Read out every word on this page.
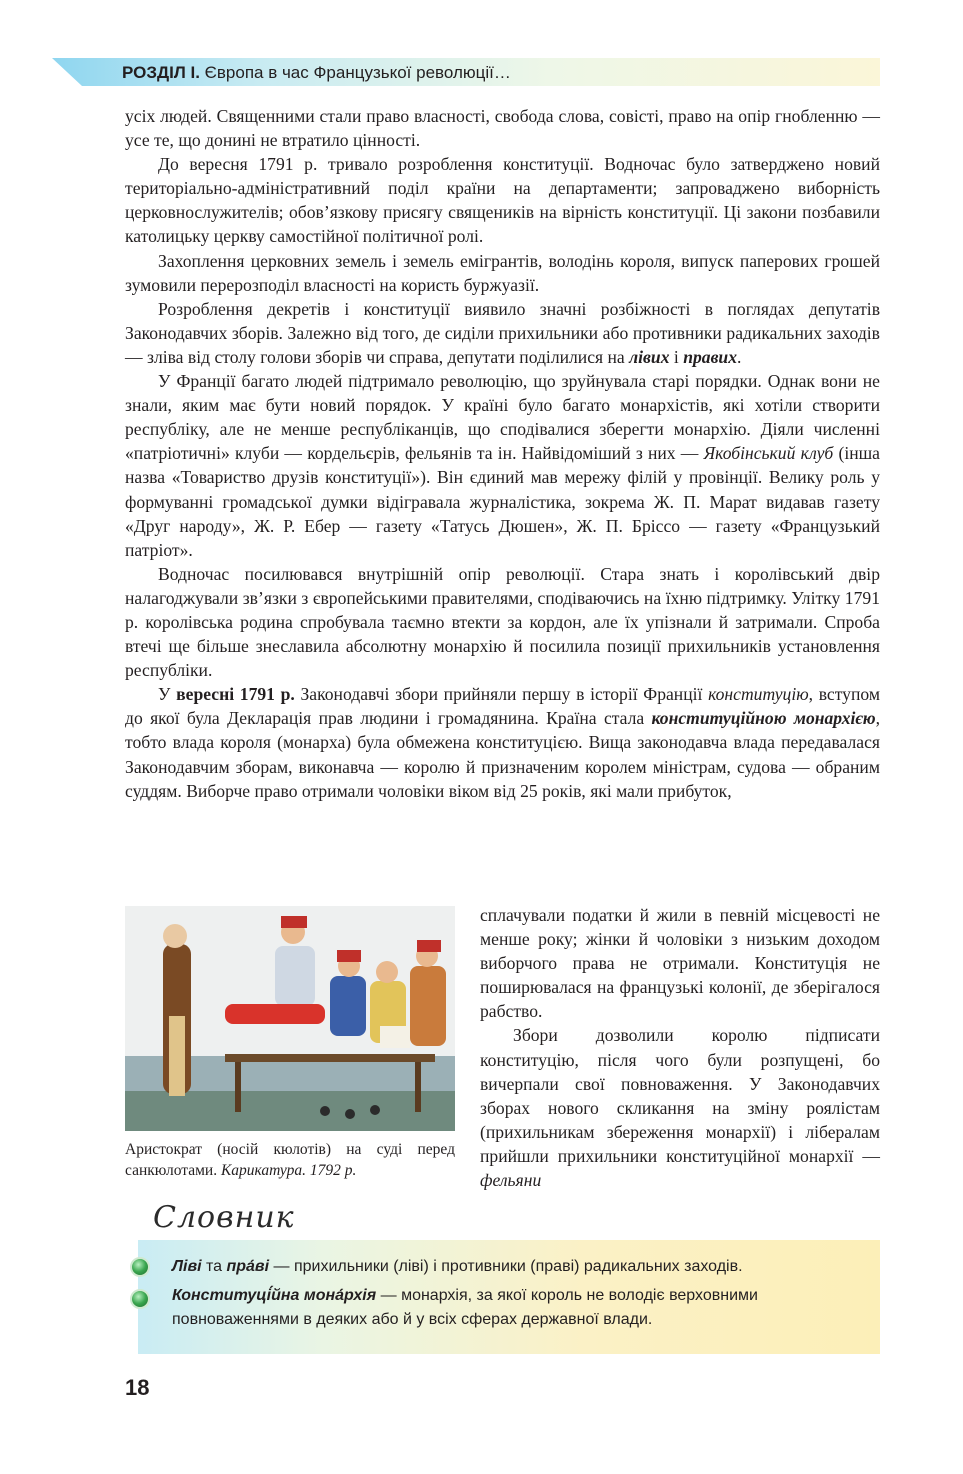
РОЗДІЛ І. Європа в час Французької революції…

усіх людей. Священними стали право власності, свобода слова, совісті, право на опір гнобленню — усе те, що донині не втратило цінності.

До вересня 1791 р. тривало розроблення конституції. Водночас було затверджено новий територіально-адміністративний поділ країни на департаменти; запроваджено виборність церковнослужителів; обов’язкову присягу священиків на вірність конституції. Ці закони позбавили католицьку церкву самостійної політичної ролі.

Захоплення церковних земель і земель емігрантів, володінь короля, випуск паперових грошей зумовили перерозподіл власності на користь буржуазії.

Розроблення декретів і конституції виявило значні розбіжності в поглядах депутатів Законодавчих зборів. Залежно від того, де сиділи прихильники або противники радикальних заходів — зліва від столу голови зборів чи справа, депутати поділилися на лівих і правих.

У Франції багато людей підтримало революцію, що зруйнувала старі порядки. Однак вони не знали, яким має бути новий порядок. У країні було багато монархістів, які хотіли створити республіку, але не менше республіканців, що сподівалися зберегти монархію. Діяли численні «патріотичні» клуби — кордельєрів, фельянів та ін. Найвідоміший з них — Якобінський клуб (інша назва «Товариство друзів конституції»). Він єдиний мав мережу філій у провінції. Велику роль у формуванні громадської думки відігравала журналістика, зокрема Ж. П. Марат видавав газету «Друг народу», Ж. Р. Ебер — газету «Татусь Дюшен», Ж. П. Бріссо — газету «Французький патріот».

Водночас посилювався внутрішній опір революції. Стара знать і королівський двір налагоджували зв’язки з європейськими правителями, сподіваючись на їхню підтримку. Улітку 1791 р. королівська родина спробувала таємно втекти за кордон, але їх упізнали й затримали. Спроба втечі ще більше знеславила абсолютну монархію й посилила позиції прихильників установлення республіки.

У вересні 1791 р. Законодавчі збори прийняли першу в історії Франції конституцію, вступом до якої була Декларація прав людини і громадянина. Країна стала конституційною монархією, тобто влада короля (монарха) була обмежена конституцією. Вища законодавча влада передавалася Законодавчим зборам, виконавча — королю й призначеним королем міністрам, судова — обраним суддям. Виборче право отримали чоловіки віком від 25 років, які мали прибуток,

Аристократ (носій кюлотів) на суді перед санкюлотами. Карикатура. 1792 р.

сплачували податки й жили в певній місцевості не менше року; жінки й чоловіки з низьким доходом виборчого права не отримали. Конституція не поширювалася на французькі колонії, де зберігалося рабство.

Збори дозволили королю підписати конституцію, після чого були розпущені, бо вичерпали свої повноваження. У Законодавчих зборах нового скликання на зміну роялістам (прихильникам збереження монархії) і лібералам прийшли прихильники конституційної монархії — фельяни

Словник
Ліві та пра́ві — прихильники (ліві) і противники (праві) радикальних заходів.
Конституці́йна мона́рхія — монархія, за якої король не володіє верховними повноваженнями в деяких або й у всіх сферах державної влади.
18
